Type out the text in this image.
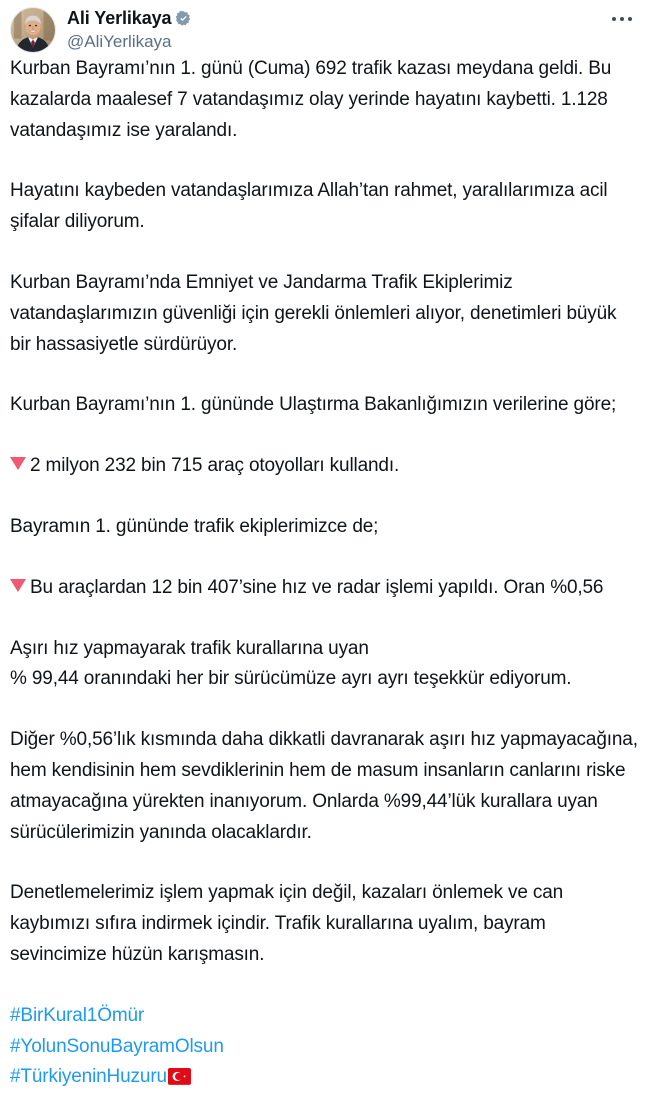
Ali Yerlikaya
@AliYerlikaya

Kurban Bayramı’nın 1. günü (Cuma) 692 trafik kazası meydana geldi. Bu kazalarda maalesef 7 vatandaşımız olay yerinde hayatını kaybetti. 1.128 vatandaşımız ise yaralandı.

Hayatını kaybeden vatandaşlarımıza Allah’tan rahmet, yaralılarımıza acil şifalar diliyorum.

Kurban Bayramı’nda Emniyet ve Jandarma Trafik Ekiplerimiz vatandaşlarımızın güvenliği için gerekli önlemleri alıyor, denetimleri büyük bir hassasiyetle sürdürüyor.

Kurban Bayramı’nın 1. gününde Ulaştırma Bakanlığımızın verilerine göre;

2 milyon 232 bin 715 araç otoyolları kullandı.

Bayramın 1. gününde trafik ekiplerimizce de;

Bu araçlardan 12 bin 407’sine hız ve radar işlemi yapıldı. Oran %0,56

Aşırı hız yapmayarak trafik kurallarına uyan
% 99,44 oranındaki her bir sürücümüze ayrı ayrı teşekkür ediyorum.

Diğer %0,56’lık kısmında daha dikkatli davranarak aşırı hız yapmayacağına, hem kendisinin hem sevdiklerinin hem de masum insanların canlarını riske atmayacağına yürekten inanıyorum. Onlarda %99,44’lük kurallara uyan sürücülerimizin yanında olacaklardır.

Denetlemelerimiz işlem yapmak için değil, kazaları önlemek ve can kaybımızı sıfıra indirmek içindir. Trafik kurallarına uyalım, bayram sevincimize hüzün karışmasın.

#BirKural1Ömür
#YolunSonuBayramOlsun
#TürkiyeninHuzuru
